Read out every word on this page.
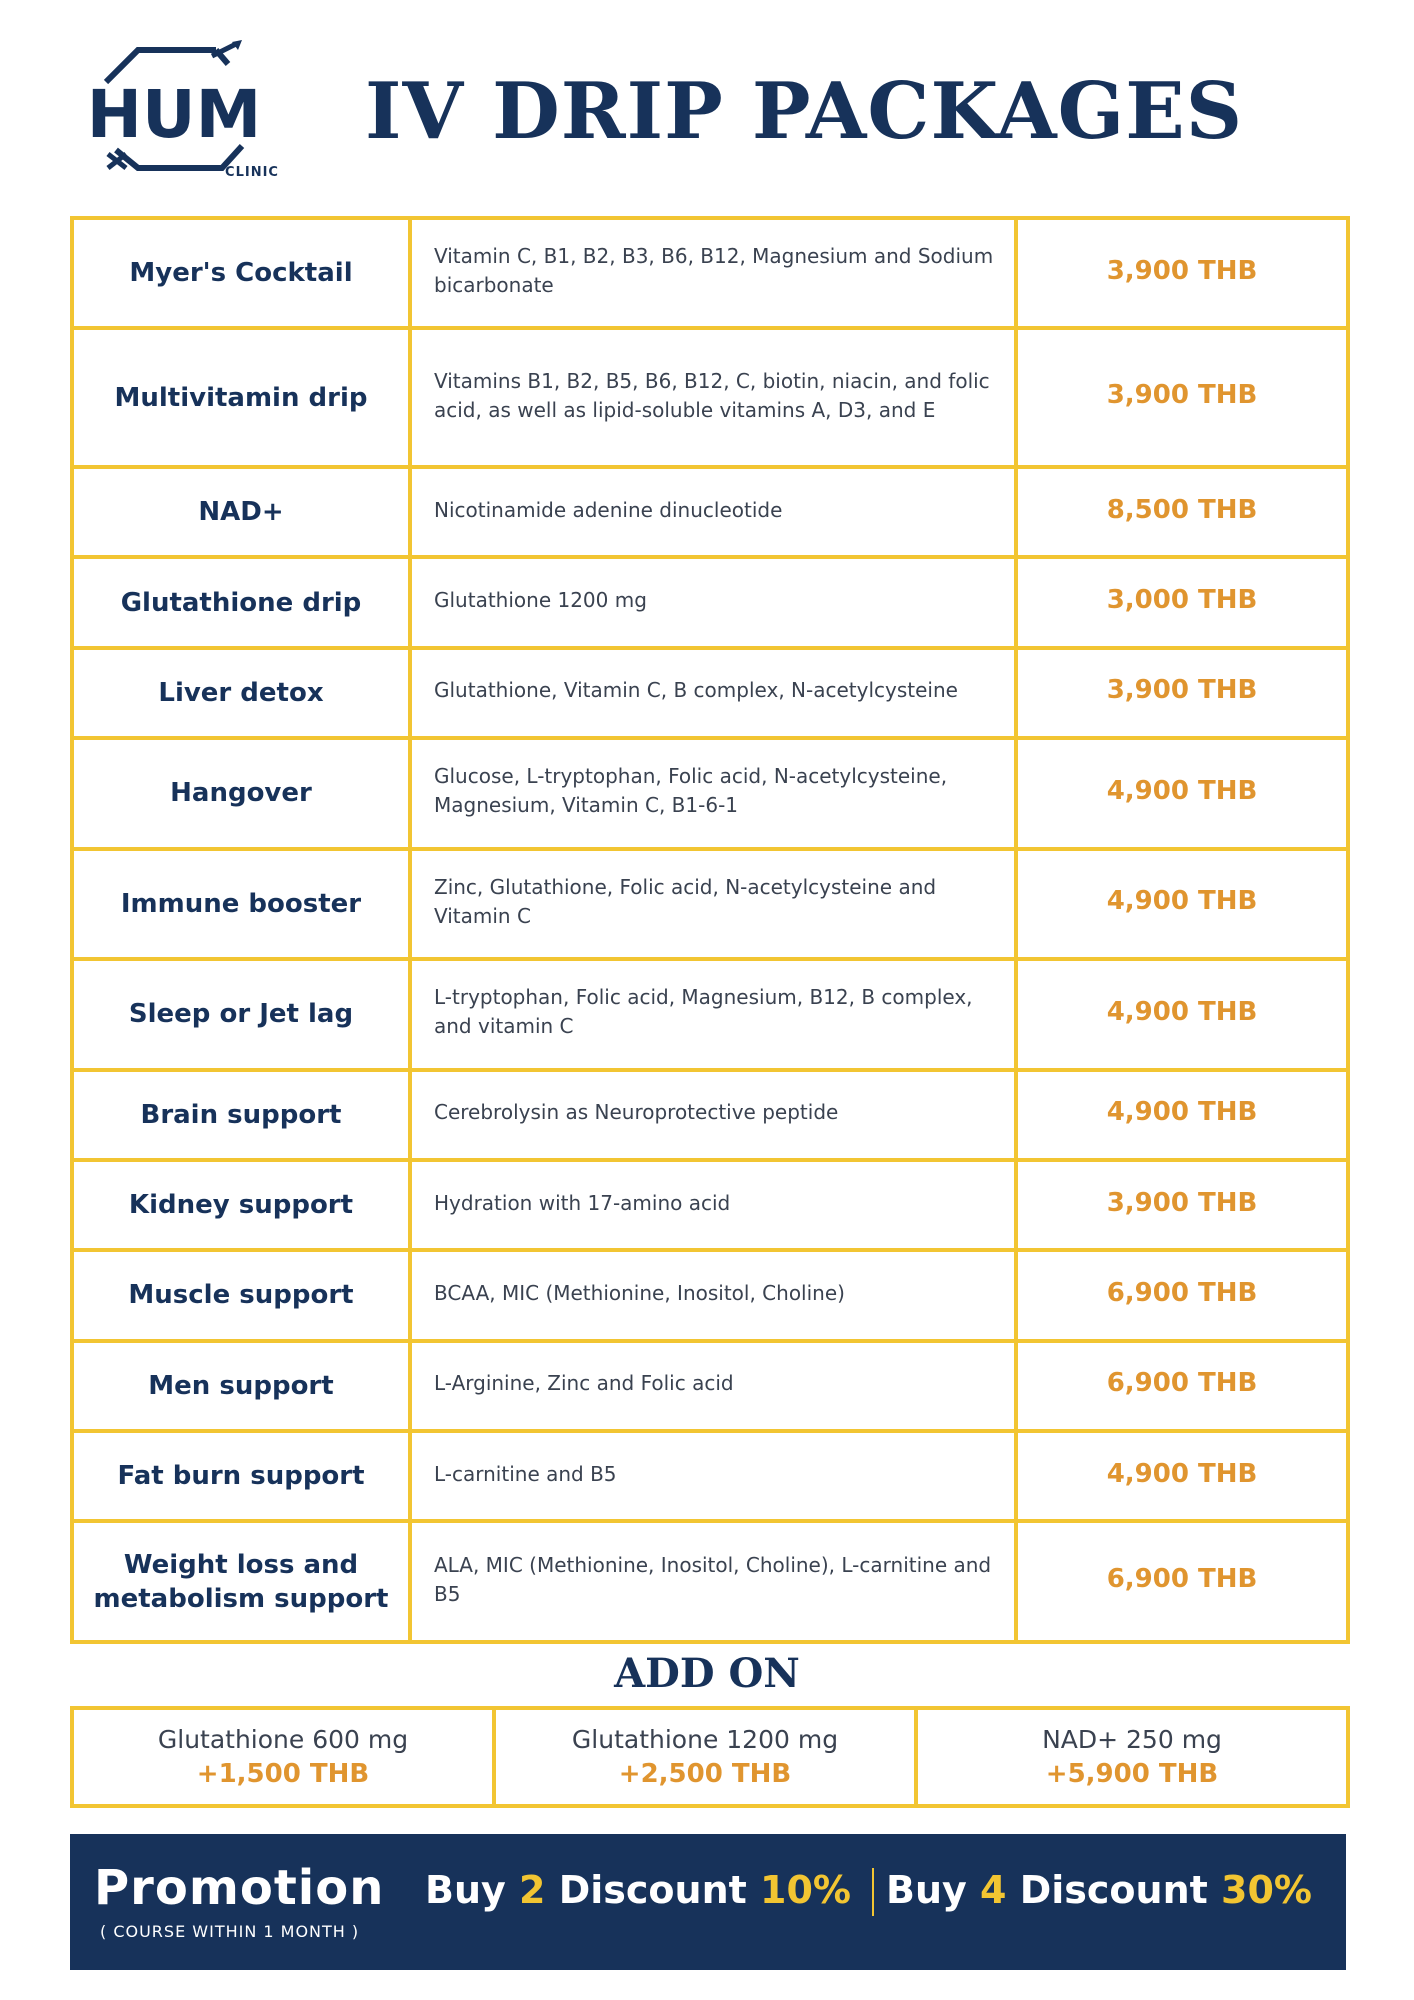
HUM
CLINIC
IV DRIP PACKAGES
Myer's Cocktail	Vitamin C, B1, B2, B3, B6, B12, Magnesium and Sodium bicarbonate	3,900 THB
Multivitamin drip	Vitamins B1, B2, B5, B6, B12, C, biotin, niacin, and folic acid, as well as lipid-soluble vitamins A, D3, and E	3,900 THB
NAD+	Nicotinamide adenine dinucleotide	8,500 THB
Glutathione drip	Glutathione 1200 mg	3,000 THB
Liver detox	Glutathione, Vitamin C, B complex, N-acetylcysteine	3,900 THB
Hangover	Glucose, L-tryptophan, Folic acid, N-acetylcysteine, Magnesium, Vitamin C, B1-6-1	4,900 THB
Immune booster	Zinc, Glutathione, Folic acid, N-acetylcysteine and Vitamin C	4,900 THB
Sleep or Jet lag	L-tryptophan, Folic acid, Magnesium, B12, B complex, and vitamin C	4,900 THB
Brain support	Cerebrolysin as Neuroprotective peptide	4,900 THB
Kidney support	Hydration with 17-amino acid	3,900 THB
Muscle support	BCAA, MIC (Methionine, Inositol, Choline)	6,900 THB
Men support	L-Arginine, Zinc and Folic acid	6,900 THB
Fat burn support	L-carnitine and B5	4,900 THB
Weight loss and metabolism support	ALA, MIC (Methionine, Inositol, Choline), L-carnitine and B5	6,900 THB
ADD ON
Glutathione 600 mg
+1,500 THB

Glutathione 1200 mg
+2,500 THB

NAD+ 250 mg
+5,900 THB
Promotion
( COURSE WITHIN 1 MONTH )
Buy 2 Discount 10% Buy 4 Discount 30%
